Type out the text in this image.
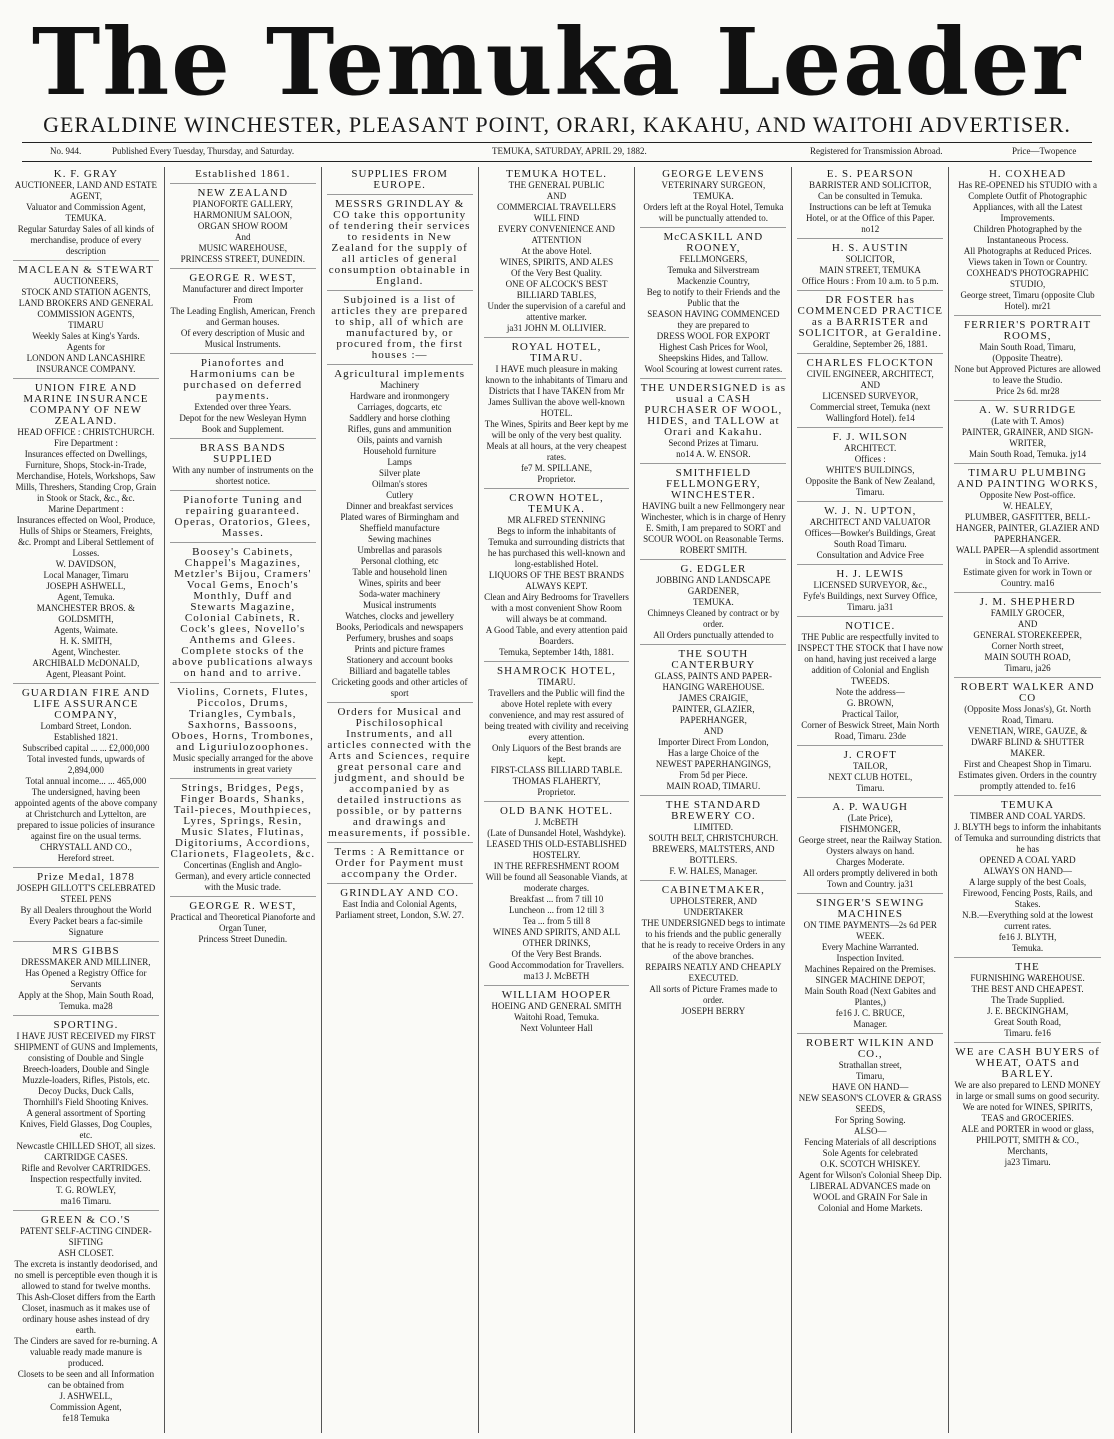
The Temuka Leader
GERALDINE WINCHESTER, PLEASANT POINT, ORARI, KAKAHU, AND WAITOHI ADVERTISER.
No. 944.	Published Every Tuesday, Thursday, and Saturday.	TEMUKA, SATURDAY, APRIL 29, 1882.	Registered for Transmission Abroad.	Price—Twopence
K. F. GRAY
AUCTIONEER, LAND AND ESTATE AGENT,
Valuator and Commission Agent,
TEMUKA.
Regular Saturday Sales of all kinds of merchandise, produce of every description
MACLEAN & STEWART
AUCTIONEERS,
STOCK AND STATION AGENTS,
LAND BROKERS AND GENERAL COMMISSION AGENTS,
TIMARU
Weekly Sales at King's Yards.
Agents for
LONDON AND LANCASHIRE INSURANCE COMPANY.
UNION FIRE AND MARINE INSURANCE COMPANY OF NEW ZEALAND.
HEAD OFFICE : CHRISTCHURCH.
Fire Department :
Insurances effected on Dwellings, Furniture, Shops, Stock-in-Trade, Merchandise, Hotels, Workshops, Saw Mills, Threshers, Standing Crop, Grain in Stook or Stack, &c., &c.
Marine Department :
Insurances effected on Wool, Produce, Hulls of Ships or Steamers, Freights, &c. Prompt and Liberal Settlement of Losses.
W. DAVIDSON,
Local Manager, Timaru
JOSEPH ASHWELL,
Agent, Temuka.
MANCHESTER BROS. & GOLDSMITH,
Agents, Waimate.
H. K. SMITH,
Agent, Winchester.
ARCHIBALD McDONALD,
Agent, Pleasant Point.
GUARDIAN FIRE AND LIFE ASSURANCE COMPANY,
Lombard Street, London.
Established 1821.
Subscribed capital ... ... £2,000,000
Total invested funds, upwards of 2,894,000
Total annual income... ... 465,000
The undersigned, having been appointed agents of the above company at Christchurch and Lyttelton, are prepared to issue policies of insurance against fire on the usual terms.
CHRYSTALL AND CO.,
Hereford street.
Prize Medal, 1878
JOSEPH GILLOTT'S CELEBRATED
STEEL PENS
By all Dealers throughout the World
Every Packet bears a fac-simile Signature
MRS GIBBS
DRESSMAKER AND MILLINER,
Has Opened a Registry Office for Servants
Apply at the Shop, Main South Road, Temuka. ma28
SPORTING.
I HAVE JUST RECEIVED my FIRST SHIPMENT of GUNS and Implements, consisting of Double and Single Breech-loaders, Double and Single Muzzle-loaders, Rifles, Pistols, etc.
Decoy Ducks, Duck Calls,
Thornhill's Field Shooting Knives.
A general assortment of Sporting Knives, Field Glasses, Dog Couples, etc.
Newcastle CHILLED SHOT, all sizes.
CARTRIDGE CASES.
Rifle and Revolver CARTRIDGES.
Inspection respectfully invited.
T. G. ROWLEY,
ma16 Timaru.
GREEN & CO.'S
PATENT SELF-ACTING CINDER-SIFTING
ASH CLOSET.
The excreta is instantly deodorised, and no smell is perceptible even though it is allowed to stand for twelve months.
This Ash-Closet differs from the Earth Closet, inasmuch as it makes use of ordinary house ashes instead of dry earth.
The Cinders are saved for re-burning. A valuable ready made manure is produced.
Closets to be seen and all Information can be obtained from
J. ASHWELL,
Commission Agent,
fe18 Temuka
Established 1861.
NEW ZEALAND
PIANOFORTE GALLERY,
HARMONIUM SALOON,
ORGAN SHOW ROOM
And
MUSIC WAREHOUSE,
PRINCESS STREET, DUNEDIN.
GEORGE R. WEST,
Manufacturer and direct Importer
From
The Leading English, American, French and German houses.
Of every description of Music and Musical Instruments.
Pianofortes and Harmoniums can be purchased on deferred payments.
Extended over three Years.
Depot for the new Wesleyan Hymn Book and Supplement.
BRASS BANDS SUPPLIED
With any number of instruments on the shortest notice.
Pianoforte Tuning and repairing guaranteed. Operas, Oratorios, Glees, Masses.
Boosey's Cabinets, Chappel's Magazines, Metzler's Bijou, Cramers' Vocal Gems, Enoch's Monthly, Duff and Stewarts Magazine, Colonial Cabinets, R. Cock's glees, Novello's Anthems and Glees. Complete stocks of the above publications always on hand and to arrive.
Violins, Cornets, Flutes, Piccolos, Drums, Triangles, Cymbals, Saxhorns, Bassoons, Oboes, Horns, Trombones, and Liguriulozoophones.
Music specially arranged for the above instruments in great variety
Strings, Bridges, Pegs, Finger Boards, Shanks, Tail-pieces, Mouthpieces, Lyres, Springs, Resin, Music Slates, Flutinas, Digitoriums, Accordions, Clarionets, Flageolets, &c.
Concertinas (English and Anglo-German), and every article connected with the Music trade.
GEORGE R. WEST,
Practical and Theoretical Pianoforte and Organ Tuner,
Princess Street Dunedin.
SUPPLIES FROM EUROPE.
MESSRS GRINDLAY & CO take this opportunity of tendering their services to residents in New Zealand for the supply of all articles of general consumption obtainable in England.
Subjoined is a list of articles they are prepared to ship, all of which are manufactured by, or procured from, the first houses :—
Agricultural implements
Machinery
Hardware and ironmongery
Carriages, dogcarts, etc
Saddlery and horse clothing
Rifles, guns and ammunition
Oils, paints and varnish
Household furniture
Lamps
Silver plate
Oilman's stores
Cutlery
Dinner and breakfast services
Plated wares of Birmingham and Sheffield manufacture
Sewing machines
Umbrellas and parasols
Personal clothing, etc
Table and household linen
Wines, spirits and beer
Soda-water machinery
Musical instruments
Watches, clocks and jewellery
Books, Periodicals and newspapers
Perfumery, brushes and soaps
Prints and picture frames
Stationery and account books
Billiard and bagatelle tables
Cricketing goods and other articles of sport
Orders for Musical and Pischilosophical Instruments, and all articles connected with the Arts and Sciences, require great personal care and judgment, and should be accompanied by as detailed instructions as possible, or by patterns and drawings and measurements, if possible.
Terms : A Remittance or Order for Payment must accompany the Order.
GRINDLAY AND CO.
East India and Colonial Agents,
Parliament street, London, S.W. 27.
TEMUKA HOTEL.
THE GENERAL PUBLIC
AND
COMMERCIAL TRAVELLERS
WILL FIND
EVERY CONVENIENCE AND ATTENTION
At the above Hotel.
WINES, SPIRITS, AND ALES
Of the Very Best Quality.
ONE OF ALCOCK'S BEST BILLIARD TABLES,
Under the supervision of a careful and attentive marker.
ja31 JOHN M. OLLIVIER.
ROYAL HOTEL, TIMARU.
I HAVE much pleasure in making known to the inhabitants of Timaru and Districts that I have TAKEN from Mr James Sullivan the above well-known HOTEL.
The Wines, Spirits and Beer kept by me will be only of the very best quality.
Meals at all hours, at the very cheapest rates.
fe7 M. SPILLANE,
Proprietor.
CROWN HOTEL, TEMUKA.
MR ALFRED STENNING
Begs to inform the inhabitants of Temuka and surrounding districts that he has purchased this well-known and long-established Hotel.
LIQUORS OF THE BEST BRANDS ALWAYS KEPT.
Clean and Airy Bedrooms for Travellers with a most convenient Show Room will always be at command.
A Good Table, and every attention paid Boarders.
Temuka, September 14th, 1881.
SHAMROCK HOTEL,
TIMARU.
Travellers and the Public will find the above Hotel replete with every convenience, and may rest assured of being treated with civility and receiving every attention.
Only Liquors of the Best brands are kept.
FIRST-CLASS BILLIARD TABLE.
THOMAS FLAHERTY,
Proprietor.
OLD BANK HOTEL.
J. McBETH
(Late of Dunsandel Hotel, Washdyke).
LEASED THIS OLD-ESTABLISHED HOSTELRY.
IN THE REFRESHMENT ROOM
Will be found all Seasonable Viands, at moderate charges.
Breakfast ... from 7 till 10
Luncheon ... from 12 till 3
Tea ... from 5 till 8
WINES AND SPIRITS, AND ALL OTHER DRINKS,
Of the Very Best Brands.
Good Accommodation for Travellers.
ma13 J. McBETH
WILLIAM HOOPER
HOEING AND GENERAL SMITH
Waitohi Road, Temuka.
Next Volunteer Hall
GEORGE LEVENS
VETERINARY SURGEON,
TEMUKA.
Orders left at the Royal Hotel, Temuka will be punctually attended to.
McCASKILL AND ROONEY,
FELLMONGERS,
Temuka and Silverstream
Mackenzie Country,
Beg to notify to their Friends and the Public that the
SEASON HAVING COMMENCED
they are prepared to
DRESS WOOL FOR EXPORT
Highest Cash Prices for Wool, Sheepskins Hides, and Tallow.
Wool Scouring at lowest current rates.
THE UNDERSIGNED is as usual a CASH PURCHASER OF WOOL, HIDES, and TALLOW at Orari and Kakahu.
Second Prizes at Timaru.
no14 A. W. ENSOR.
SMITHFIELD FELLMONGERY, WINCHESTER.
HAVING built a new Fellmongery near Winchester, which is in charge of Henry E. Smith, I am prepared to SORT and SCOUR WOOL on Reasonable Terms.
ROBERT SMITH.
G. EDGLER
JOBBING AND LANDSCAPE GARDENER,
TEMUKA.
Chimneys Cleaned by contract or by order.
All Orders punctually attended to
THE SOUTH CANTERBURY
GLASS, PAINTS AND PAPER-HANGING WAREHOUSE.
JAMES CRAIGIE,
PAINTER, GLAZIER, PAPERHANGER,
AND
Importer Direct From London,
Has a large Choice of the
NEWEST PAPERHANGINGS,
From 5d per Piece.
MAIN ROAD, TIMARU.
THE STANDARD BREWERY CO.
LIMITED.
SOUTH BELT, CHRISTCHURCH.
BREWERS, MALTSTERS, AND BOTTLERS.
F. W. HALES, Manager.
CABINETMAKER,
UPHOLSTERER, AND
UNDERTAKER
THE UNDERSIGNED begs to intimate to his friends and the public generally that he is ready to receive Orders in any of the above branches.
REPAIRS NEATLY AND CHEAPLY EXECUTED.
All sorts of Picture Frames made to order.
JOSEPH BERRY
E. S. PEARSON
BARRISTER AND SOLICITOR,
Can be consulted in Temuka. Instructions can be left at Temuka Hotel, or at the Office of this Paper. no12
H. S. AUSTIN
SOLICITOR,
MAIN STREET, TEMUKA
Office Hours : From 10 a.m. to 5 p.m.
DR FOSTER has COMMENCED PRACTICE as a BARRISTER and SOLICITOR, at Geraldine.
Geraldine, September 26, 1881.
CHARLES FLOCKTON
CIVIL ENGINEER, ARCHITECT,
AND
LICENSED SURVEYOR,
Commercial street, Temuka (next Wallingford Hotel). fe14
F. J. WILSON
ARCHITECT.
Offices :
WHITE'S BUILDINGS,
Opposite the Bank of New Zealand,
Timaru.
W. J. N. UPTON,
ARCHITECT AND VALUATOR
Offices—Bowker's Buildings, Great South Road Timaru.
Consultation and Advice Free
H. J. LEWIS
LICENSED SURVEYOR, &c.,
Fyfe's Buildings, next Survey Office,
Timaru. ja31
NOTICE.
THE Public are respectfully invited to INSPECT THE STOCK that I have now on hand, having just received a large addition of Colonial and English TWEEDS.
Note the address—
G. BROWN,
Practical Tailor,
Corner of Beswick Street, Main North Road, Timaru. 23de
J. CROFT
TAILOR,
NEXT CLUB HOTEL,
Timaru.
A. P. WAUGH
(Late Price),
FISHMONGER,
George street, near the Railway Station.
Oysters always on hand.
Charges Moderate.
All orders promptly delivered in both Town and Country. ja31
SINGER'S SEWING MACHINES
ON TIME PAYMENTS—2s 6d PER WEEK.
Every Machine Warranted.
Inspection Invited.
Machines Repaired on the Premises.
SINGER MACHINE DEPOT,
Main South Road (Next Gabites and Plantes,)
fe16 J. C. BRUCE,
Manager.
ROBERT WILKIN AND CO.,
Strathallan street,
Timaru,
HAVE ON HAND—
NEW SEASON'S CLOVER & GRASS SEEDS,
For Spring Sowing.
ALSO—
Fencing Materials of all descriptions
Sole Agents for celebrated
O.K. SCOTCH WHISKEY.
Agent for Wilson's Colonial Sheep Dip.
LIBERAL ADVANCES made on WOOL and GRAIN For Sale in Colonial and Home Markets.
H. COXHEAD
Has RE-OPENED his STUDIO with a Complete Outfit of Photographic Appliances, with all the Latest Improvements.
Children Photographed by the Instantaneous Process.
All Photographs at Reduced Prices.
Views taken in Town or Country.
COXHEAD'S PHOTOGRAPHIC STUDIO,
George street, Timaru (opposite Club Hotel). mr21
FERRIER'S PORTRAIT ROOMS,
Main South Road, Timaru,
(Opposite Theatre).
None but Approved Pictures are allowed to leave the Studio.
Price 2s 6d. mr28
A. W. SURRIDGE
(Late with T. Amos)
PAINTER, GRAINER, AND SIGN-WRITER,
Main South Road, Temuka. jy14
TIMARU PLUMBING AND PAINTING WORKS,
Opposite New Post-office.
W. HEALEY,
PLUMBER, GASFITTER, BELL-HANGER, PAINTER, GLAZIER AND PAPERHANGER.
WALL PAPER—A splendid assortment in Stock and To Arrive.
Estimate given for work in Town or Country. ma16
J. M. SHEPHERD
FAMILY GROCER,
AND
GENERAL STOREKEEPER,
Corner North street,
MAIN SOUTH ROAD,
Timaru, ja26
ROBERT WALKER AND CO
(Opposite Moss Jonas's), Gt. North Road, Timaru.
VENETIAN, WIRE, GAUZE, & DWARF BLIND & SHUTTER MAKER.
First and Cheapest Shop in Timaru.
Estimates given. Orders in the country promptly attended to. fe16
TEMUKA
TIMBER AND COAL YARDS.
J. BLYTH begs to inform the inhabitants of Temuka and surrounding districts that he has
OPENED A COAL YARD
ALWAYS ON HAND—
A large supply of the best Coals, Firewood, Fencing Posts, Rails, and Stakes.
N.B.—Everything sold at the lowest current rates.
fe16 J. BLYTH,
Temuka.
THE
FURNISHING WAREHOUSE.
THE BEST AND CHEAPEST.
The Trade Supplied.
J. E. BECKINGHAM,
Great South Road,
Timaru. fe16
WE are CASH BUYERS of WHEAT, OATS and BARLEY.
We are also prepared to LEND MONEY in large or small sums on good security.
We are noted for WINES, SPIRITS, TEAS and GROCERIES.
ALE and PORTER in wood or glass,
PHILPOTT, SMITH & CO.,
Merchants,
ja23 Timaru.
